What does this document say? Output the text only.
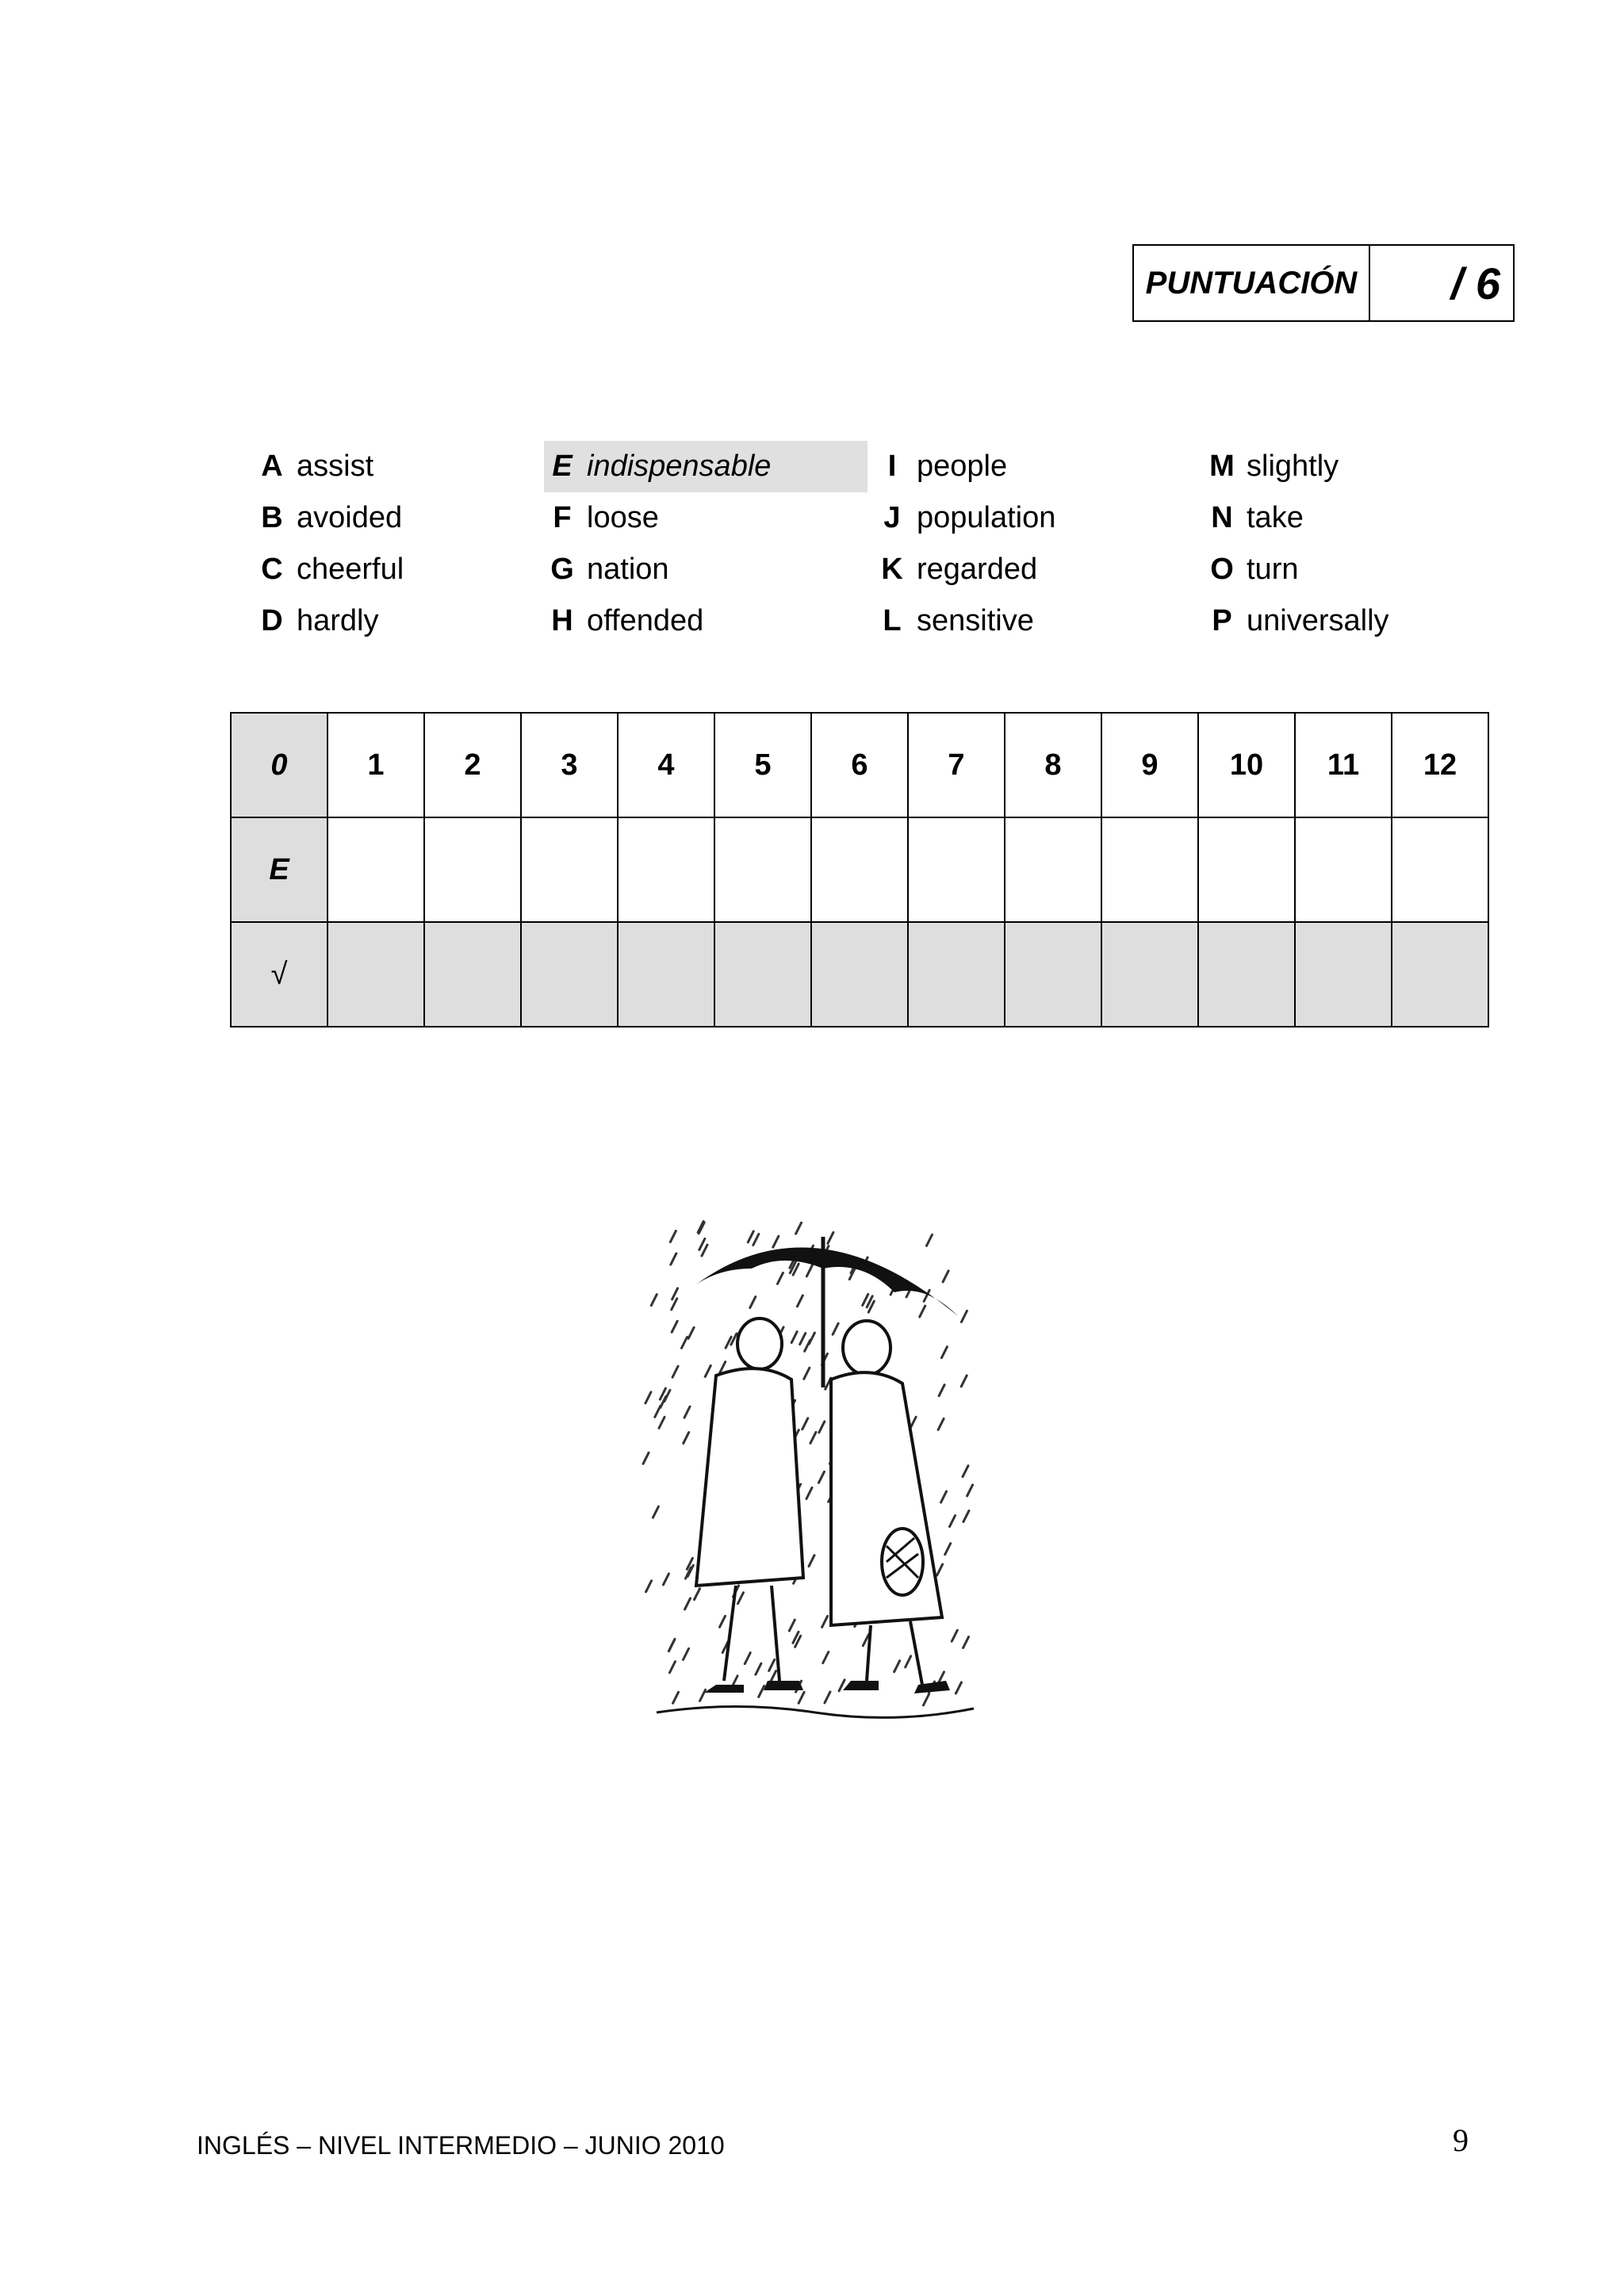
PUNTUACIÓN	/ 6
A assist
B avoided
C cheerful
D hardly
E indispensable
F loose
G nation
H offended
I people
J population
K regarded
L sensitive
M slightly
N take
O turn
P universally
0	1	2	3	4	5	6	7	8	9	10	11	12
E												
√												
INGLÉS – NIVEL INTERMEDIO – JUNIO 2010	9
